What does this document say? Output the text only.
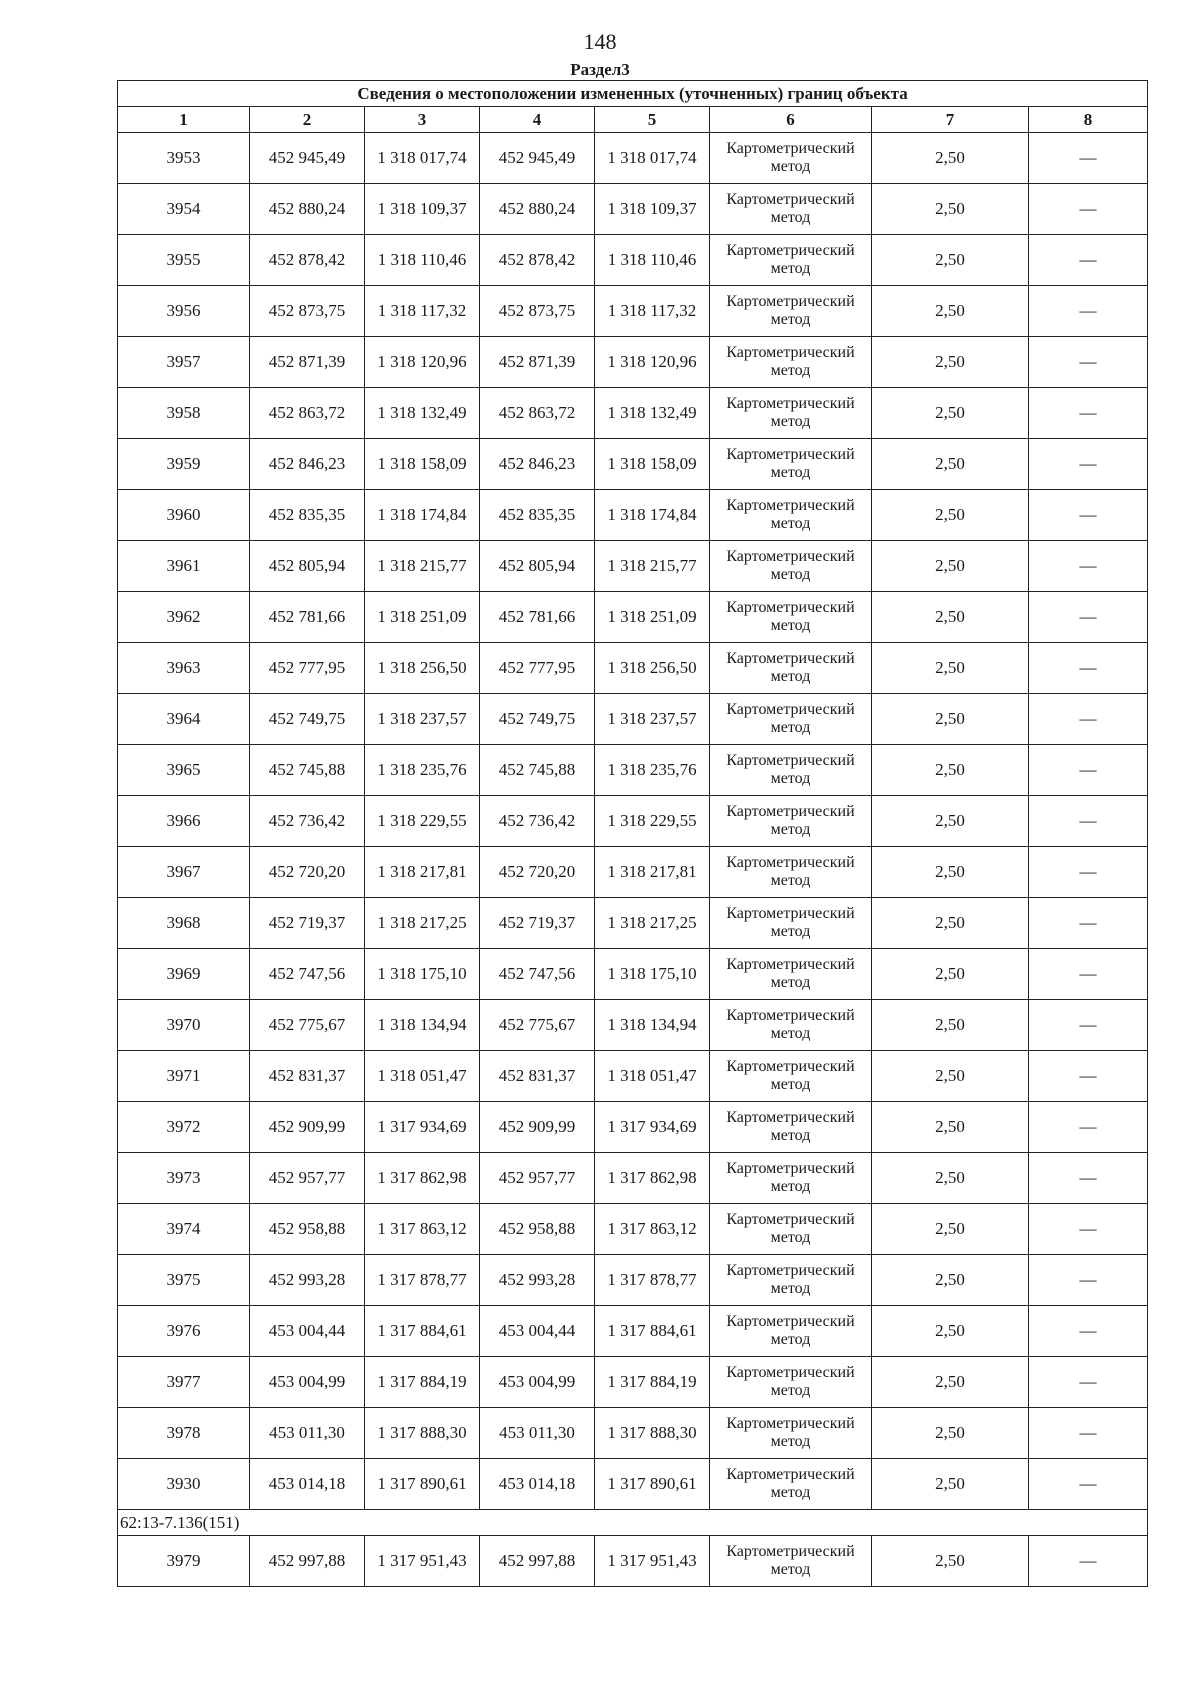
148
Раздел3
Сведения о местоположении измененных (уточненных) границ объекта							
1	2	3	4	5	6	7	8
3953	452 945,49	1 318 017,74	452 945,49	1 318 017,74	Картометрический метод	2,50	—
3954	452 880,24	1 318 109,37	452 880,24	1 318 109,37	Картометрический метод	2,50	—
3955	452 878,42	1 318 110,46	452 878,42	1 318 110,46	Картометрический метод	2,50	—
3956	452 873,75	1 318 117,32	452 873,75	1 318 117,32	Картометрический метод	2,50	—
3957	452 871,39	1 318 120,96	452 871,39	1 318 120,96	Картометрический метод	2,50	—
3958	452 863,72	1 318 132,49	452 863,72	1 318 132,49	Картометрический метод	2,50	—
3959	452 846,23	1 318 158,09	452 846,23	1 318 158,09	Картометрический метод	2,50	—
3960	452 835,35	1 318 174,84	452 835,35	1 318 174,84	Картометрический метод	2,50	—
3961	452 805,94	1 318 215,77	452 805,94	1 318 215,77	Картометрический метод	2,50	—
3962	452 781,66	1 318 251,09	452 781,66	1 318 251,09	Картометрический метод	2,50	—
3963	452 777,95	1 318 256,50	452 777,95	1 318 256,50	Картометрический метод	2,50	—
3964	452 749,75	1 318 237,57	452 749,75	1 318 237,57	Картометрический метод	2,50	—
3965	452 745,88	1 318 235,76	452 745,88	1 318 235,76	Картометрический метод	2,50	—
3966	452 736,42	1 318 229,55	452 736,42	1 318 229,55	Картометрический метод	2,50	—
3967	452 720,20	1 318 217,81	452 720,20	1 318 217,81	Картометрический метод	2,50	—
3968	452 719,37	1 318 217,25	452 719,37	1 318 217,25	Картометрический метод	2,50	—
3969	452 747,56	1 318 175,10	452 747,56	1 318 175,10	Картометрический метод	2,50	—
3970	452 775,67	1 318 134,94	452 775,67	1 318 134,94	Картометрический метод	2,50	—
3971	452 831,37	1 318 051,47	452 831,37	1 318 051,47	Картометрический метод	2,50	—
3972	452 909,99	1 317 934,69	452 909,99	1 317 934,69	Картометрический метод	2,50	—
3973	452 957,77	1 317 862,98	452 957,77	1 317 862,98	Картометрический метод	2,50	—
3974	452 958,88	1 317 863,12	452 958,88	1 317 863,12	Картометрический метод	2,50	—
3975	452 993,28	1 317 878,77	452 993,28	1 317 878,77	Картометрический метод	2,50	—
3976	453 004,44	1 317 884,61	453 004,44	1 317 884,61	Картометрический метод	2,50	—
3977	453 004,99	1 317 884,19	453 004,99	1 317 884,19	Картометрический метод	2,50	—
3978	453 011,30	1 317 888,30	453 011,30	1 317 888,30	Картометрический метод	2,50	—
3930	453 014,18	1 317 890,61	453 014,18	1 317 890,61	Картометрический метод	2,50	—
62:13-7.136(151)							
3979	452 997,88	1 317 951,43	452 997,88	1 317 951,43	Картометрический метод	2,50	—
